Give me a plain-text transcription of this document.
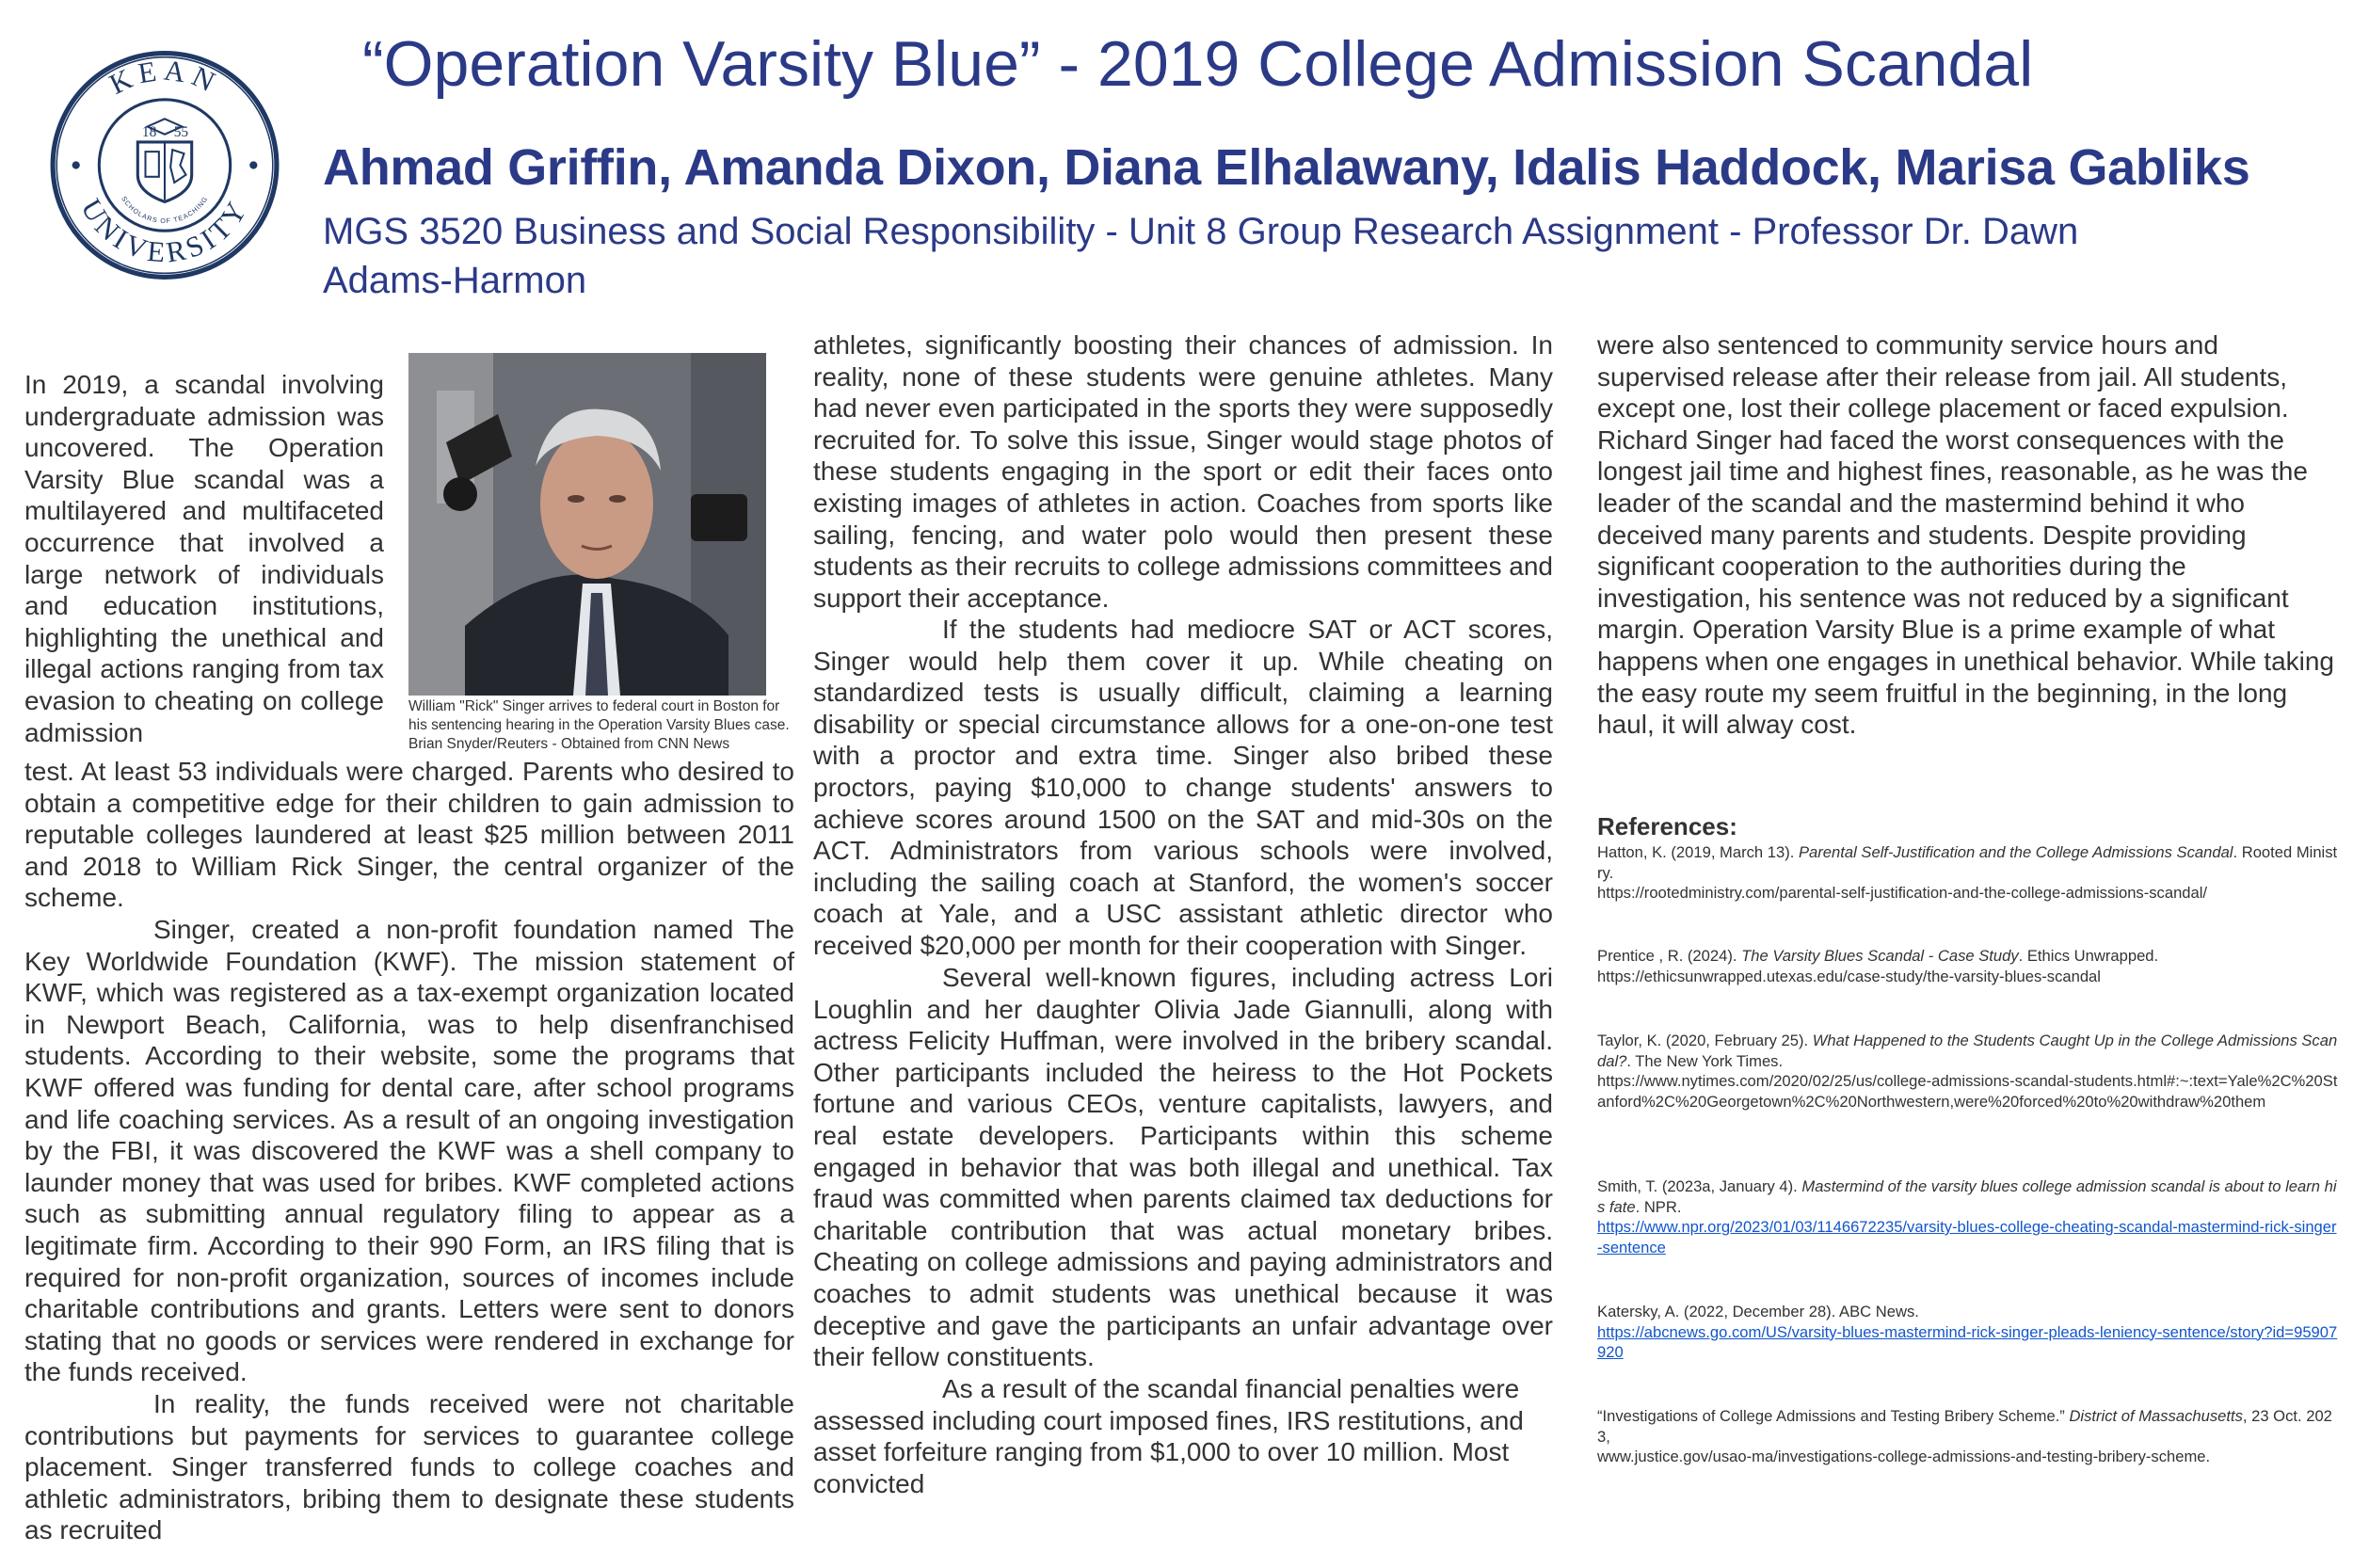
KEAN
UNIVERSITY
18 55
SCHOLARS OF TEACHING
“Operation Varsity Blue” - 2019 College Admission Scandal
Ahmad Griffin, Amanda Dixon, Diana Elhalawany, Idalis Haddock, Marisa Gabliks
MGS 3520 Business and Social Responsibility - Unit 8 Group Research Assignment - Professor Dr. Dawn Adams-Harmon

In 2019, a scandal involving undergraduate admission was uncovered. The Operation Varsity Blue scandal was a multilayered and multifaceted occurrence that involved a large network of individuals and education institutions, highlighting the unethical and illegal actions ranging from tax evasion to cheating on college admission

William "Rick" Singer arrives to federal court in Boston for his sentencing hearing in the Operation Varsity Blues case. Brian Snyder/Reuters - Obtained from CNN News

test. At least 53 individuals were charged. Parents who desired to obtain a competitive edge for their children to gain admission to reputable colleges laundered at least $25 million between 2011 and 2018 to William Rick Singer, the central organizer of the scheme.

Singer, created a non-profit foundation named The Key Worldwide Foundation (KWF). The mission statement of KWF, which was registered as a tax-exempt organization located in Newport Beach, California, was to help disenfranchised students. According to their website, some the programs that KWF offered was funding for dental care, after school programs and life coaching services. As a result of an ongoing investigation by the FBI, it was discovered the KWF was a shell company to launder money that was used for bribes. KWF completed actions such as submitting annual regulatory filing to appear as a legitimate firm. According to their 990 Form, an IRS filing that is required for non-profit organization, sources of incomes include charitable contributions and grants. Letters were sent to donors stating that no goods or services were rendered in exchange for the funds received.

In reality, the funds received were not charitable contributions but payments for services to guarantee college placement. Singer transferred funds to college coaches and athletic administrators, bribing them to designate these students as recruited

athletes, significantly boosting their chances of admission. In reality, none of these students were genuine athletes. Many had never even participated in the sports they were supposedly recruited for. To solve this issue, Singer would stage photos of these students engaging in the sport or edit their faces onto existing images of athletes in action. Coaches from sports like sailing, fencing, and water polo would then present these students as their recruits to college admissions committees and support their acceptance.

If the students had mediocre SAT or ACT scores, Singer would help them cover it up. While cheating on standardized tests is usually difficult, claiming a learning disability or special circumstance allows for a one-on-one test with a proctor and extra time. Singer also bribed these proctors, paying $10,000 to change students' answers to achieve scores around 1500 on the SAT and mid-30s on the ACT. Administrators from various schools were involved, including the sailing coach at Stanford, the women's soccer coach at Yale, and a USC assistant athletic director who received $20,000 per month for their cooperation with Singer.

Several well-known figures, including actress Lori Loughlin and her daughter Olivia Jade Giannulli, along with actress Felicity Huffman, were involved in the bribery scandal. Other participants included the heiress to the Hot Pockets fortune and various CEOs, venture capitalists, lawyers, and real estate developers. Participants within this scheme engaged in behavior that was both illegal and unethical. Tax fraud was committed when parents claimed tax deductions for charitable contribution that was actual monetary bribes. Cheating on college admissions and paying administrators and coaches to admit students was unethical because it was deceptive and gave the participants an unfair advantage over their fellow constituents.

As a result of the scandal financial penalties were assessed including court imposed fines, IRS restitutions, and asset forfeiture ranging from $1,000 to over 10 million. Most convicted

were also sentenced to community service hours and supervised release after their release from jail. All students, except one, lost their college placement or faced expulsion. Richard Singer had faced the worst consequences with the longest jail time and highest fines, reasonable, as he was the leader of the scandal and the mastermind behind it who deceived many parents and students. Despite providing significant cooperation to the authorities during the investigation, his sentence was not reduced by a significant margin. Operation Varsity Blue is a prime example of what happens when one engages in unethical behavior. While taking the easy route my seem fruitful in the beginning, in the long haul, it will alway cost.

References:
Hatton, K. (2019, March 13). Parental Self-Justification and the College Admissions Scandal. Rooted Ministry.
https://rootedministry.com/parental-self-justification-and-the-college-admissions-scandal/
Prentice , R. (2024). The Varsity Blues Scandal - Case Study. Ethics Unwrapped.
https://ethicsunwrapped.utexas.edu/case-study/the-varsity-blues-scandal
Taylor, K. (2020, February 25). What Happened to the Students Caught Up in the College Admissions Scandal?. The New York Times.
https://www.nytimes.com/2020/02/25/us/college-admissions-scandal-students.html#:~:text=Yale%2C%20Stanford%2C%20Georgetown%2C%20Northwestern,were%20forced%20to%20withdraw%20them
Smith, T. (2023a, January 4). Mastermind of the varsity blues college admission scandal is about to learn his fate. NPR.
https://www.npr.org/2023/01/03/1146672235/varsity-blues-college-cheating-scandal-mastermind-rick-singer-sentence
Katersky, A. (2022, December 28). ABC News.
https://abcnews.go.com/US/varsity-blues-mastermind-rick-singer-pleads-leniency-sentence/story?id=95907920
“Investigations of College Admissions and Testing Bribery Scheme.” District of Massachusetts, 23 Oct. 2023,
www.justice.gov/usao-ma/investigations-college-admissions-and-testing-bribery-scheme.
